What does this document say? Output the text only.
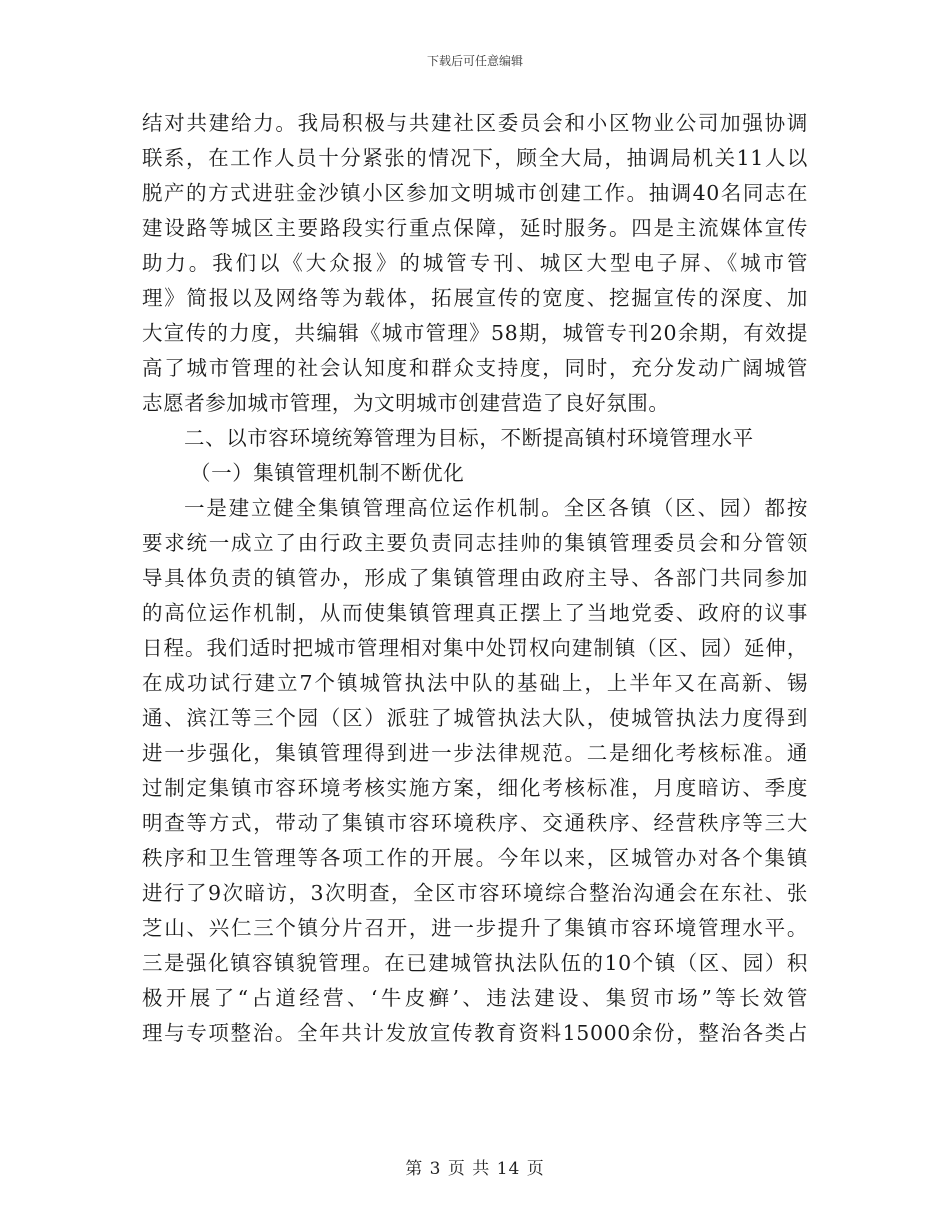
下载后可任意编辑
结对共建给力。我局积极与共建社区委员会和小区物业公司加强协调
联系，在工作人员十分紧张的情况下，顾全大局，抽调局机关11人以
脱产的方式进驻金沙镇小区参加文明城市创建工作。抽调40名同志在
建设路等城区主要路段实行重点保障，延时服务。四是主流媒体宣传
助力。我们以《大众报》的城管专刊、城区大型电子屏、《城市管
理》简报以及网络等为载体，拓展宣传的宽度、挖掘宣传的深度、加
大宣传的力度，共编辑《城市管理》58期，城管专刊20余期，有效提
高了城市管理的社会认知度和群众支持度，同时，充分发动广阔城管
志愿者参加城市管理，为文明城市创建营造了良好氛围。
二、以市容环境统筹管理为目标，不断提高镇村环境管理水平
（一）集镇管理机制不断优化
一是建立健全集镇管理高位运作机制。全区各镇（区、园）都按
要求统一成立了由行政主要负责同志挂帅的集镇管理委员会和分管领
导具体负责的镇管办，形成了集镇管理由政府主导、各部门共同参加
的高位运作机制，从而使集镇管理真正摆上了当地党委、政府的议事
日程。我们适时把城市管理相对集中处罚权向建制镇（区、园）延伸，
在成功试行建立7个镇城管执法中队的基础上，上半年又在高新、锡
通、滨江等三个园（区）派驻了城管执法大队，使城管执法力度得到
进一步强化，集镇管理得到进一步法律规范。二是细化考核标准。通
过制定集镇市容环境考核实施方案，细化考核标准，月度暗访、季度
明查等方式，带动了集镇市容环境秩序、交通秩序、经营秩序等三大
秩序和卫生管理等各项工作的开展。今年以来，区城管办对各个集镇
进行了9次暗访，3次明查，全区市容环境综合整治沟通会在东社、张
芝山、兴仁三个镇分片召开，进一步提升了集镇市容环境管理水平。
三是强化镇容镇貌管理。在已建城管执法队伍的10个镇（区、园）积
极开展了“占道经营、‘牛皮癣’、违法建设、集贸市场”等长效管
理与专项整治。全年共计发放宣传教育资料15000余份，整治各类占
第 3 页 共 14 页
